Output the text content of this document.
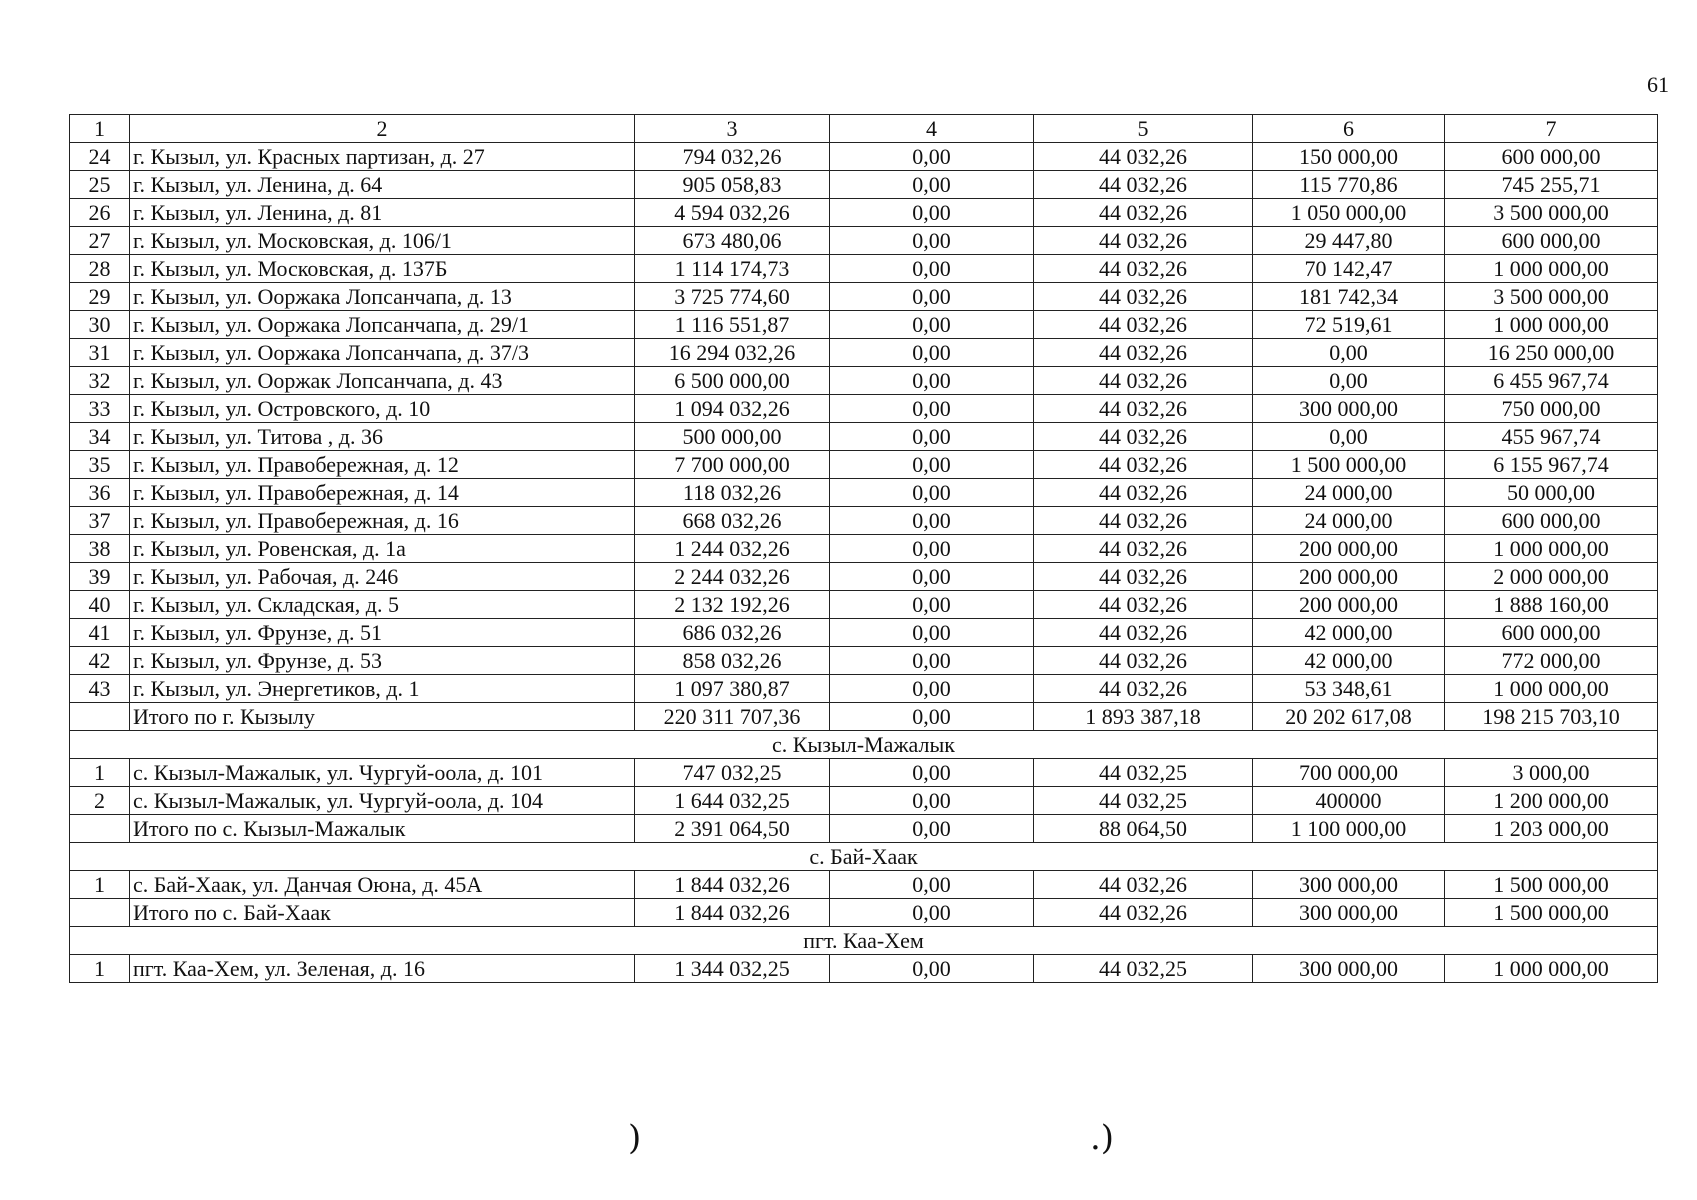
61
1	2	3	4	5	6	7
24	г. Кызыл, ул. Красных партизан, д. 27	794 032,26	0,00	44 032,26	150 000,00	600 000,00
25	г. Кызыл, ул. Ленина, д. 64	905 058,83	0,00	44 032,26	115 770,86	745 255,71
26	г. Кызыл, ул. Ленина, д. 81	4 594 032,26	0,00	44 032,26	1 050 000,00	3 500 000,00
27	г. Кызыл, ул. Московская, д. 106/1	673 480,06	0,00	44 032,26	29 447,80	600 000,00
28	г. Кызыл, ул. Московская, д. 137Б	1 114 174,73	0,00	44 032,26	70 142,47	1 000 000,00
29	г. Кызыл, ул. Ооржака Лопсанчапа, д. 13	3 725 774,60	0,00	44 032,26	181 742,34	3 500 000,00
30	г. Кызыл, ул. Ооржака Лопсанчапа, д. 29/1	1 116 551,87	0,00	44 032,26	72 519,61	1 000 000,00
31	г. Кызыл, ул. Ооржака Лопсанчапа, д. 37/3	16 294 032,26	0,00	44 032,26	0,00	16 250 000,00
32	г. Кызыл, ул. Ооржак Лопсанчапа, д. 43	6 500 000,00	0,00	44 032,26	0,00	6 455 967,74
33	г. Кызыл, ул. Островского, д. 10	1 094 032,26	0,00	44 032,26	300 000,00	750 000,00
34	г. Кызыл, ул. Титова , д. 36	500 000,00	0,00	44 032,26	0,00	455 967,74
35	г. Кызыл, ул. Правобережная, д. 12	7 700 000,00	0,00	44 032,26	1 500 000,00	6 155 967,74
36	г. Кызыл, ул. Правобережная, д. 14	118 032,26	0,00	44 032,26	24 000,00	50 000,00
37	г. Кызыл, ул. Правобережная, д. 16	668 032,26	0,00	44 032,26	24 000,00	600 000,00
38	г. Кызыл, ул. Ровенская, д. 1а	1 244 032,26	0,00	44 032,26	200 000,00	1 000 000,00
39	г. Кызыл, ул. Рабочая, д. 246	2 244 032,26	0,00	44 032,26	200 000,00	2 000 000,00
40	г. Кызыл, ул. Складская, д. 5	2 132 192,26	0,00	44 032,26	200 000,00	1 888 160,00
41	г. Кызыл, ул. Фрунзе, д. 51	686 032,26	0,00	44 032,26	42 000,00	600 000,00
42	г. Кызыл, ул. Фрунзе, д. 53	858 032,26	0,00	44 032,26	42 000,00	772 000,00
43	г. Кызыл, ул. Энергетиков, д. 1	1 097 380,87	0,00	44 032,26	53 348,61	1 000 000,00
	Итого по г. Кызылу	220 311 707,36	0,00	1 893 387,18	20 202 617,08	198 215 703,10
с. Кызыл-Мажалык						
1	с. Кызыл-Мажалык, ул. Чургуй-оола, д. 101	747 032,25	0,00	44 032,25	700 000,00	3 000,00
2	с. Кызыл-Мажалык, ул. Чургуй-оола, д. 104	1 644 032,25	0,00	44 032,25	400000	1 200 000,00
	Итого по с. Кызыл-Мажалык	2 391 064,50	0,00	88 064,50	1 100 000,00	1 203 000,00
с. Бай-Хаак						
1	с. Бай-Хаак, ул. Данчая Оюна, д. 45А	1 844 032,26	0,00	44 032,26	300 000,00	1 500 000,00
	Итого по с. Бай-Хаак	1 844 032,26	0,00	44 032,26	300 000,00	1 500 000,00
пгт. Каа-Хем						
1	пгт. Каа-Хем, ул. Зеленая, д. 16	1 344 032,25	0,00	44 032,25	300 000,00	1 000 000,00
)	.)
